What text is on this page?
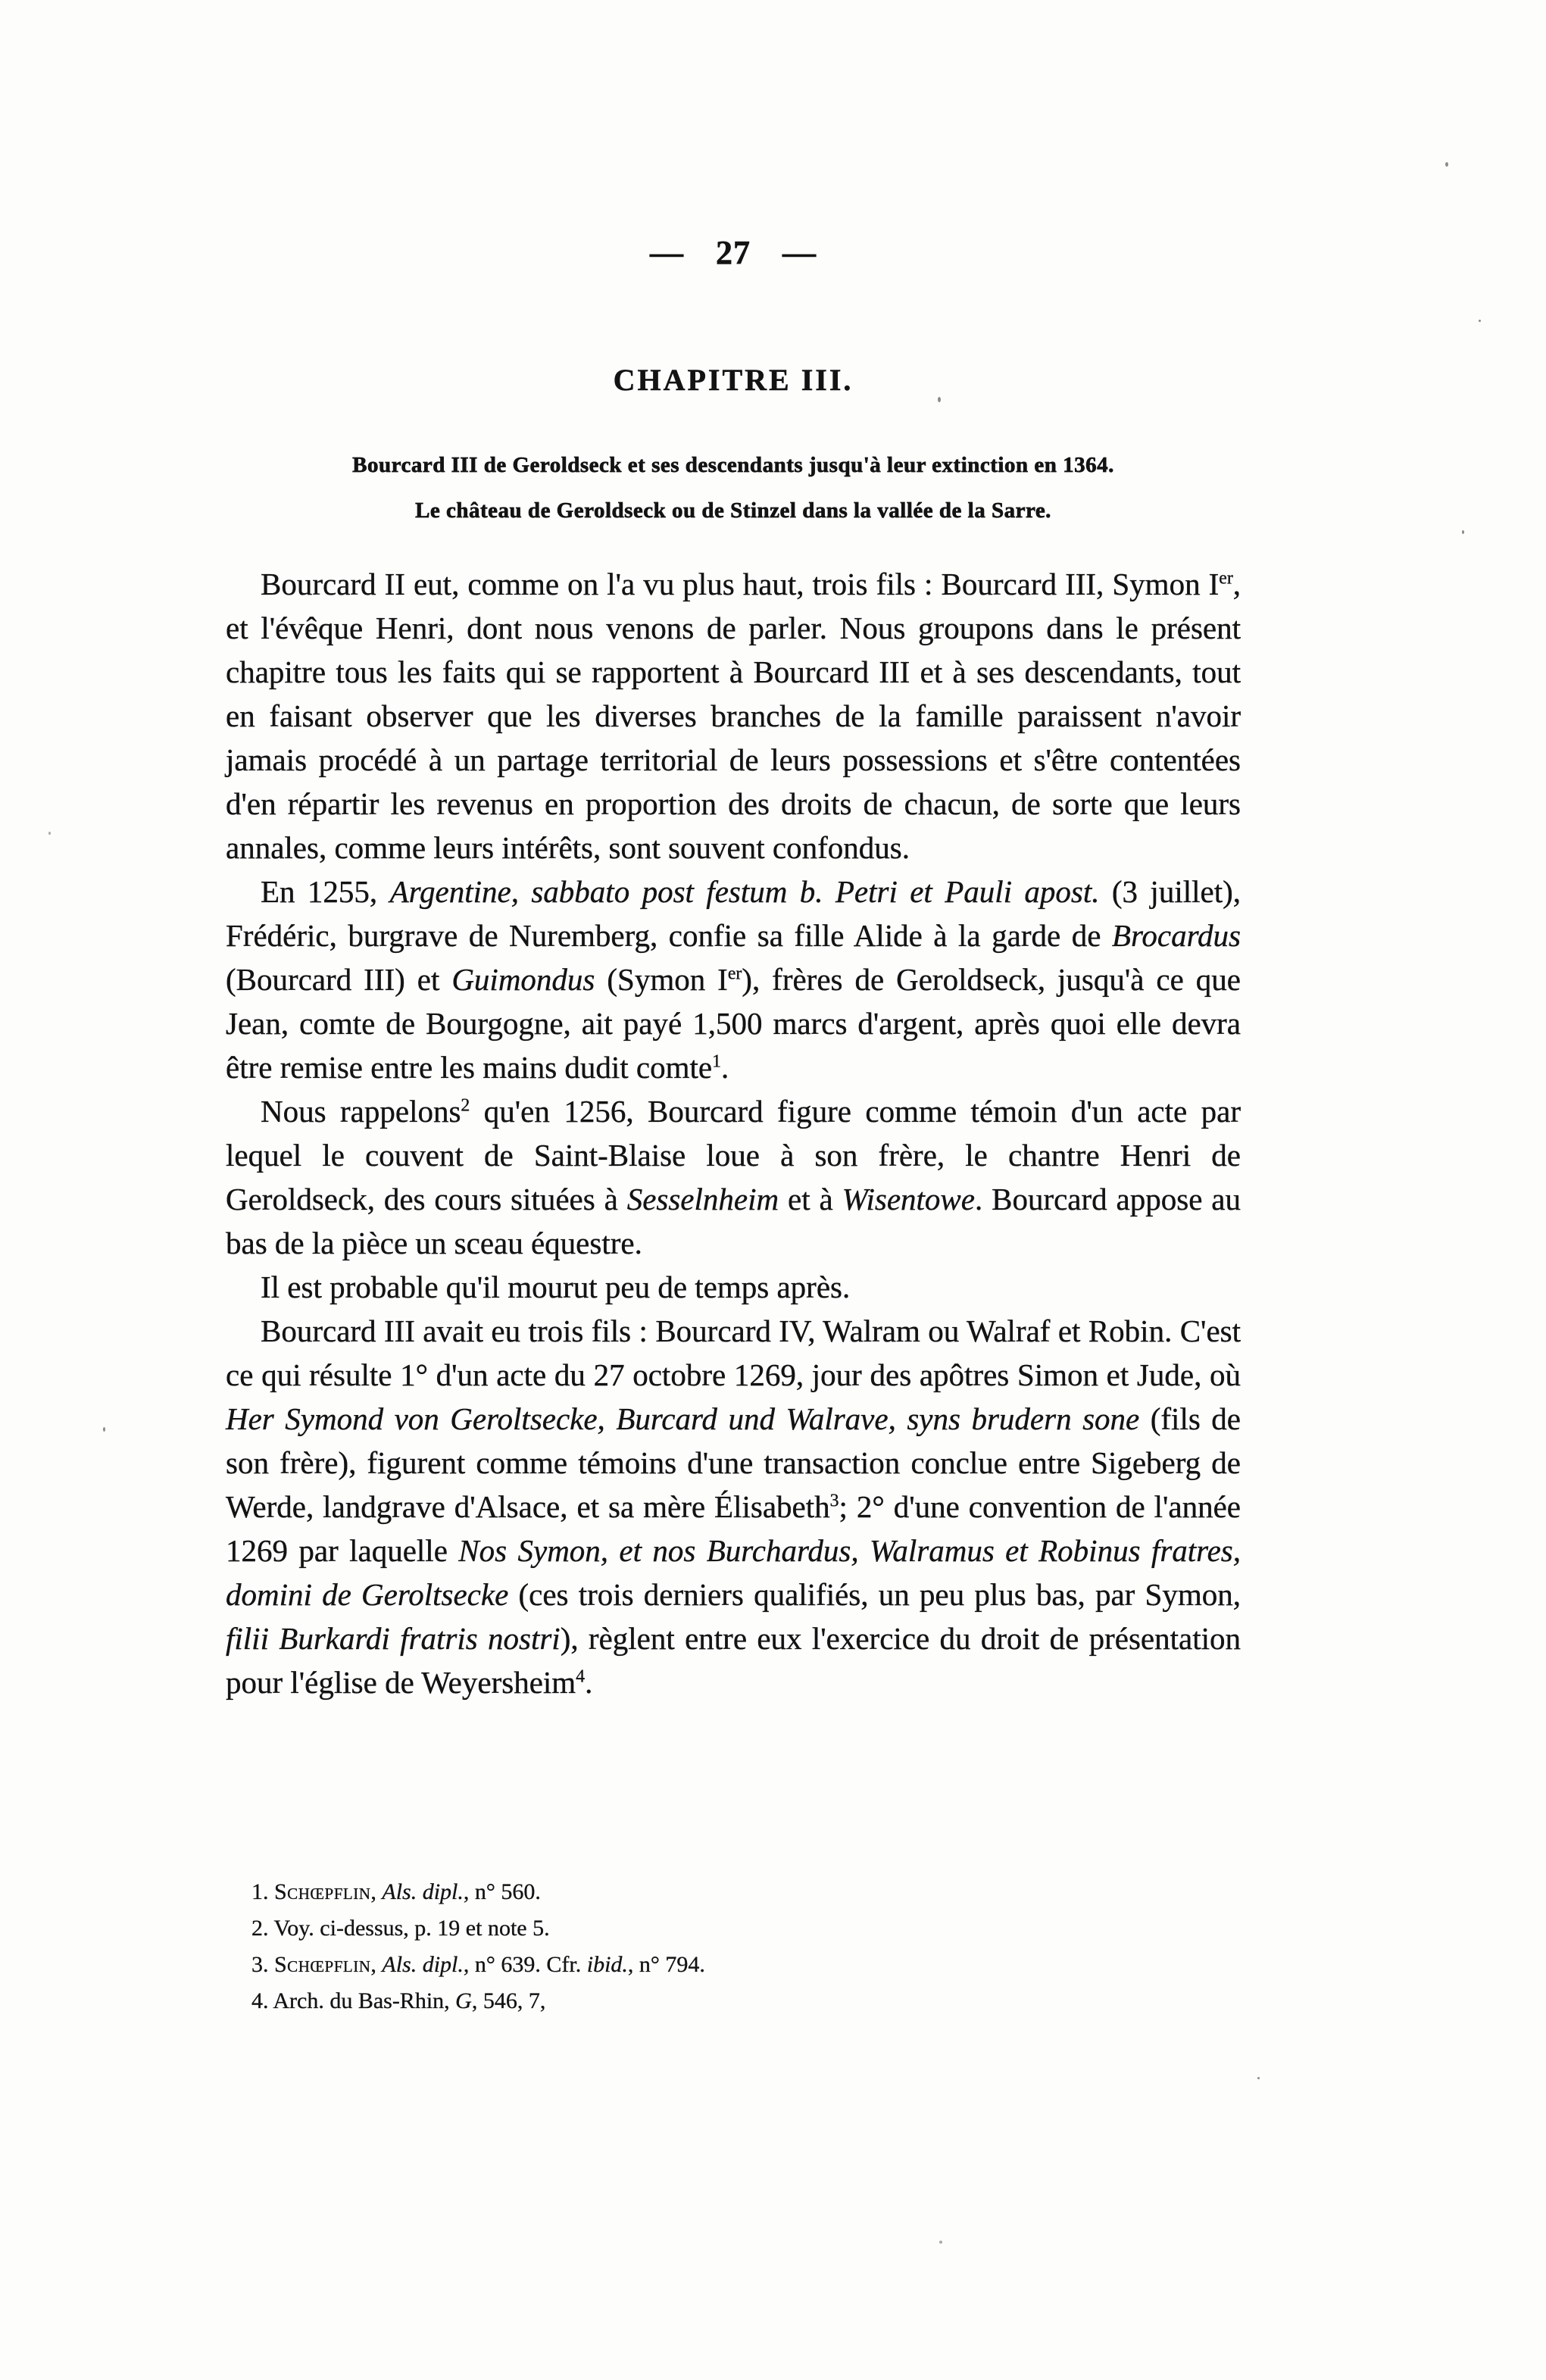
— 27 —
CHAPITRE III.
Bourcard III de Geroldseck et ses descendants jusqu'à leur extinction en 1364.
Le château de Geroldseck ou de Stinzel dans la vallée de la Sarre.

Bourcard II eut, comme on l'a vu plus haut, trois fils : Bourcard III, Symon Ier, et l'évêque Henri, dont nous venons de parler. Nous groupons dans le présent chapitre tous les faits qui se rapportent à Bourcard III et à ses descendants, tout en faisant observer que les diverses branches de la famille paraissent n'avoir jamais procédé à un partage territorial de leurs possessions et s'être contentées d'en répartir les revenus en proportion des droits de chacun, de sorte que leurs annales, comme leurs intérêts, sont souvent confondus.

En 1255, Argentine, sabbato post festum b. Petri et Pauli apost. (3 juillet), Frédéric, burgrave de Nuremberg, confie sa fille Alide à la garde de Brocardus (Bourcard III) et Guimondus (Symon Ier), frères de Geroldseck, jusqu'à ce que Jean, comte de Bourgogne, ait payé 1,500 marcs d'argent, après quoi elle devra être remise entre les mains dudit comte$^1$.

Nous rappelons$^2$ qu'en 1256, Bourcard figure comme témoin d'un acte par lequel le couvent de Saint-Blaise loue à son frère, le chantre Henri de Geroldseck, des cours situées à Sesselnheim et à Wisentowe. Bourcard appose au bas de la pièce un sceau équestre.

Il est probable qu'il mourut peu de temps après.

Bourcard III avait eu trois fils : Bourcard IV, Walram ou Walraf et Robin. C'est ce qui résulte 1° d'un acte du 27 octobre 1269, jour des apôtres Simon et Jude, où Her Symond von Geroltsecke, Burcard und Walrave, syns brudern sone (fils de son frère), figurent comme témoins d'une transaction conclue entre Sigeberg de Werde, landgrave d'Alsace, et sa mère Élisabeth$^3$; 2° d'une convention de l'année 1269 par laquelle Nos Symon, et nos Burchardus, Walramus et Robinus fratres, domini de Geroltsecke (ces trois derniers qualifiés, un peu plus bas, par Symon, filii Burkardi fratris nostri), règlent entre eux l'exercice du droit de présentation pour l'église de Weyersheim$^4$.

1. Schœpflin, Als. dipl., n° 560.
2. Voy. ci-dessus, p. 19 et note 5.
3. Schœpflin, Als. dipl., n° 639. Cfr. ibid., n° 794.
4. Arch. du Bas-Rhin, G, 546, 7,
